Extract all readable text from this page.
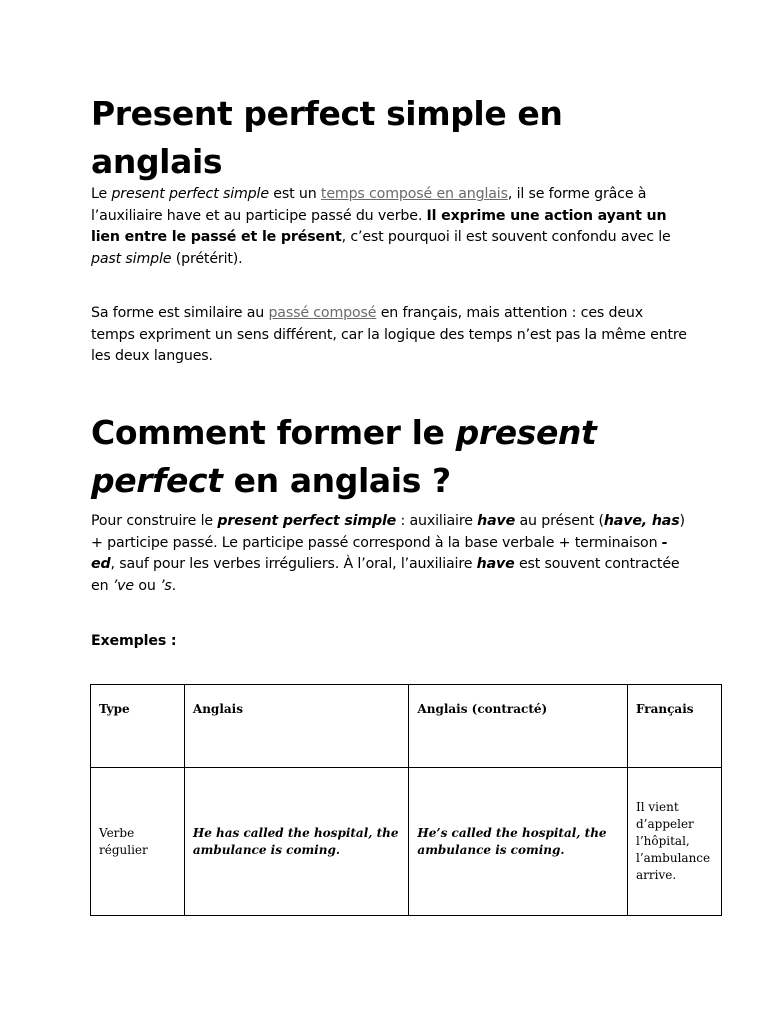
Present perfect simple en anglais

Le present perfect simple est un temps composé en anglais, il se forme grâce à l’auxiliaire have et au participe passé du verbe. Il exprime une action ayant un lien entre le passé et le présent, c’est pourquoi il est souvent confondu avec le past simple (prétérit).

Sa forme est similaire au passé composé en français, mais attention : ces deux temps expriment un sens différent, car la logique des temps n’est pas la même entre les deux langues.

Comment former le present perfect en anglais ?

Pour construire le present perfect simple : auxiliaire have au présent (have, has) + participe passé. Le participe passé correspond à la base verbale + terminaison -ed, sauf pour les verbes irréguliers. À l’oral, l’auxiliaire have est souvent contractée en ’ve ou ’s.

Exemples :

Type	Anglais	Anglais (contracté)	Français

Verbe régulier	He has called the hospital, the ambulance is coming.	He’s called the hospital, the ambulance is coming.	Il vient d’appeler l’hôpital, l’ambulance arrive.
